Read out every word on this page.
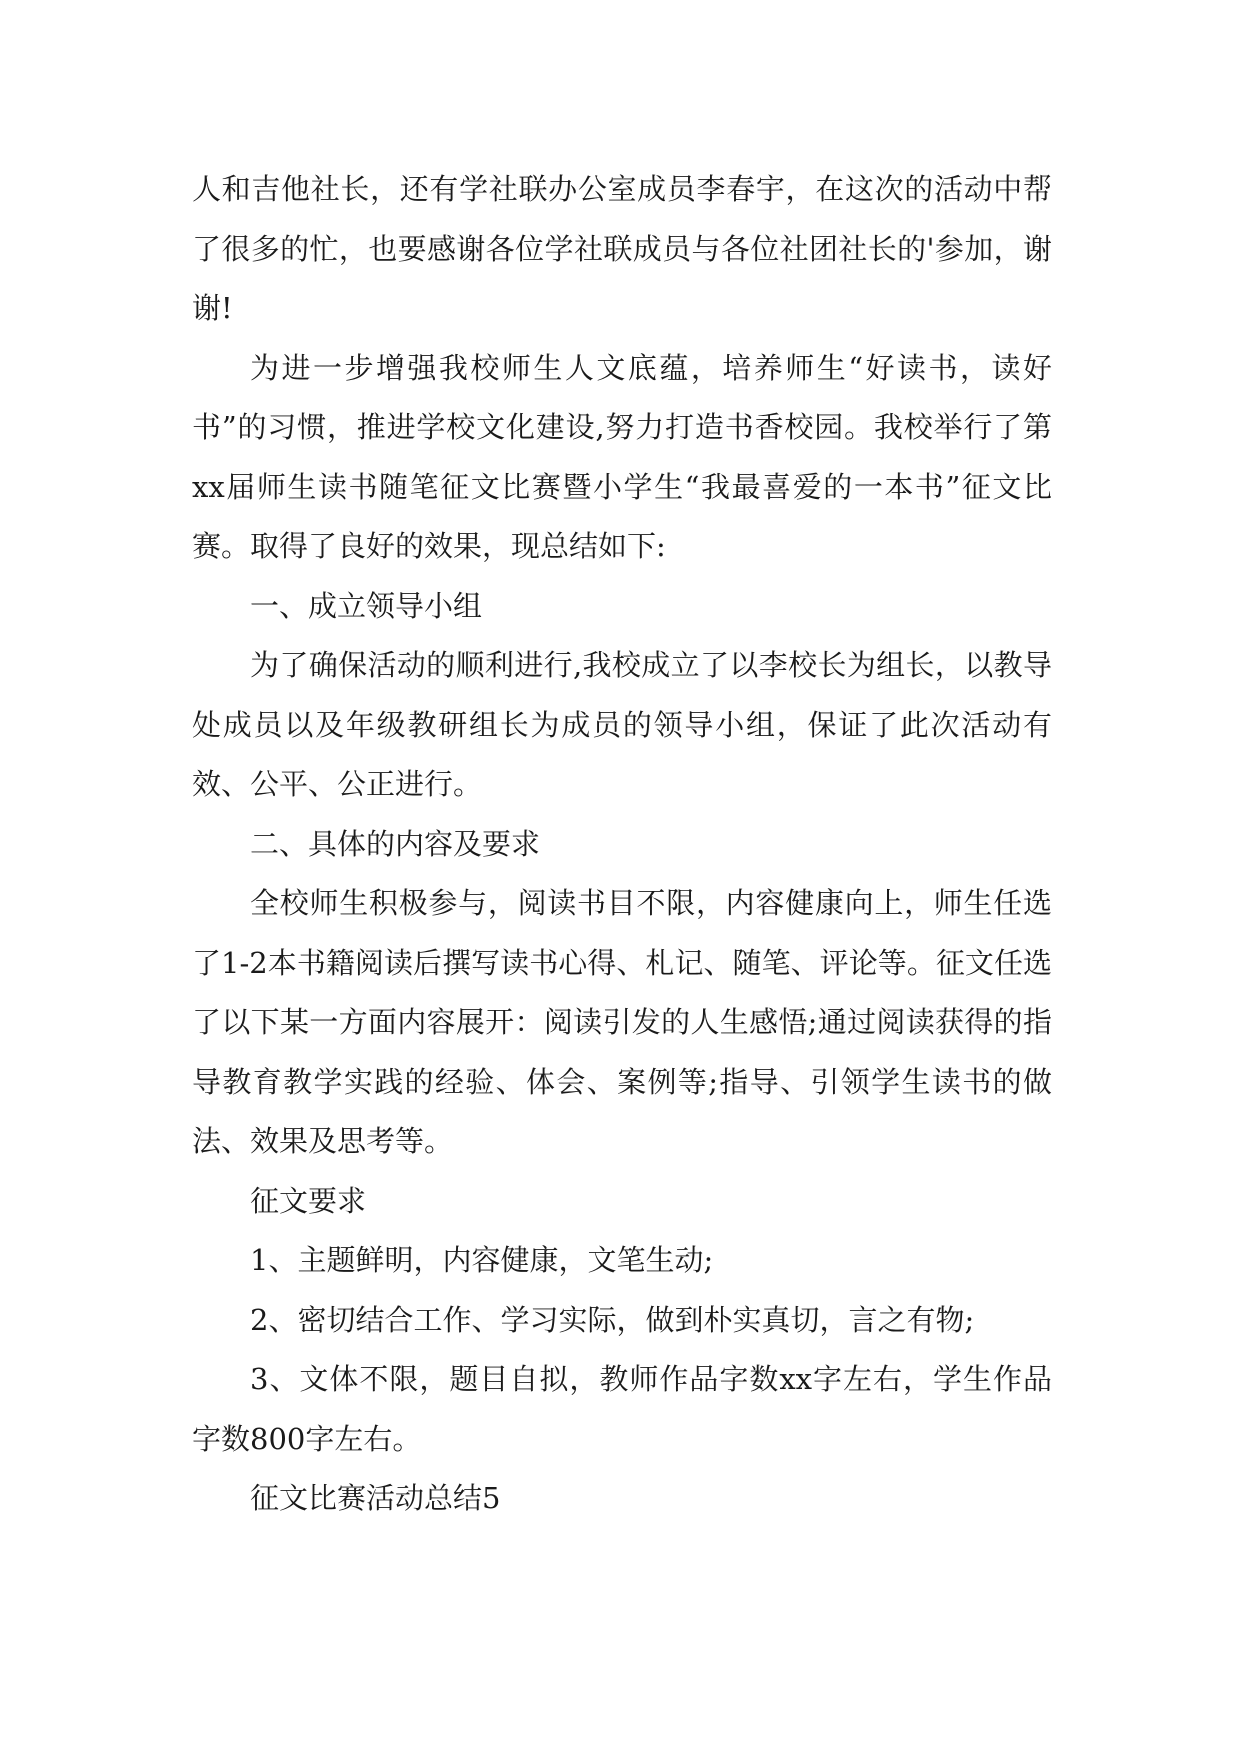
人和吉他社长，还有学社联办公室成员李春宇，在这次的活动中帮了很多的忙，也要感谢各位学社联成员与各位社团社长的'参加，谢谢!

为进一步增强我校师生人文底蕴，培养师生“好读书，读好书”的习惯，推进学校文化建设,努力打造书香校园。我校举行了第xx届师生读书随笔征文比赛暨小学生“我最喜爱的一本书”征文比赛。取得了良好的效果，现总结如下:

一、成立领导小组

为了确保活动的顺利进行,我校成立了以李校长为组长，以教导处成员以及年级教研组长为成员的领导小组，保证了此次活动有效、公平、公正进行。

二、具体的内容及要求

全校师生积极参与，阅读书目不限，内容健康向上，师生任选了1-2本书籍阅读后撰写读书心得、札记、随笔、评论等。征文任选了以下某一方面内容展开：阅读引发的人生感悟;通过阅读获得的指导教育教学实践的经验、体会、案例等;指导、引领学生读书的做法、效果及思考等。

征文要求

1、主题鲜明，内容健康，文笔生动;

2、密切结合工作、学习实际，做到朴实真切，言之有物;

3、文体不限，题目自拟，教师作品字数xx字左右，学生作品字数800字左右。

征文比赛活动总结5
